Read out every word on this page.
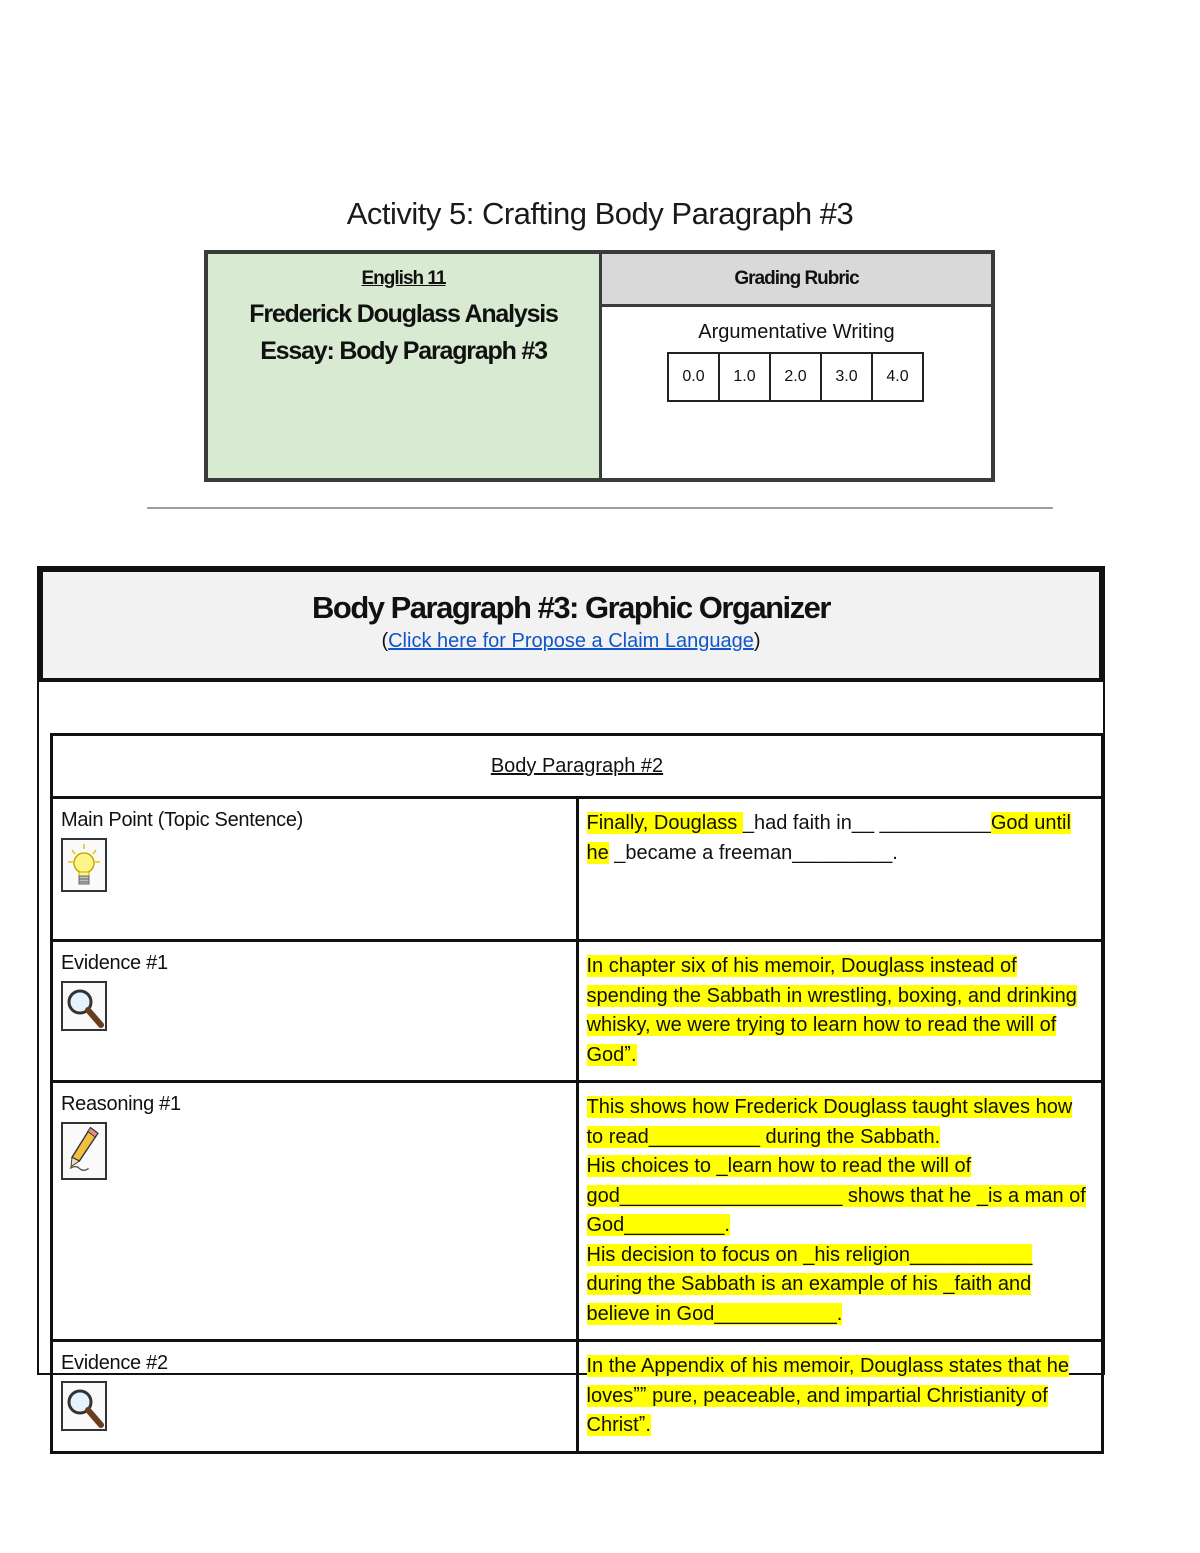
Activity 5: Crafting Body Paragraph #3
English 11
Frederick Douglass Analysis
Essay: Body Paragraph #3
Grading Rubric
Argumentative Writing
0.0	1.0	2.0	3.0	4.0
Body Paragraph #3: Graphic Organizer
(Click here for Propose a Claim Language)
Body Paragraph #2	

Main Point (Topic Sentence)	Finally, Douglass _had faith in__ __________God until he _became a freeman_________.

Evidence #1	In chapter six of his memoir, Douglass instead of spending the Sabbath in wrestling, boxing, and drinking whisky, we were trying to learn how to read the will of Godˮ.

Reasoning #1	This shows how Frederick Douglass taught slaves how to read__________ during the Sabbath.
His choices to _learn how to read the will of god____________________ shows that he _is a man of God_________.
His decision to focus on _his religion___________ during the Sabbath is an example of his _faith and believe in God___________.

Evidence #2	In the Appendix of his memoir, Douglass states that he lovesˮˮ pure, peaceable, and impartial Christianity of Christˮ.
